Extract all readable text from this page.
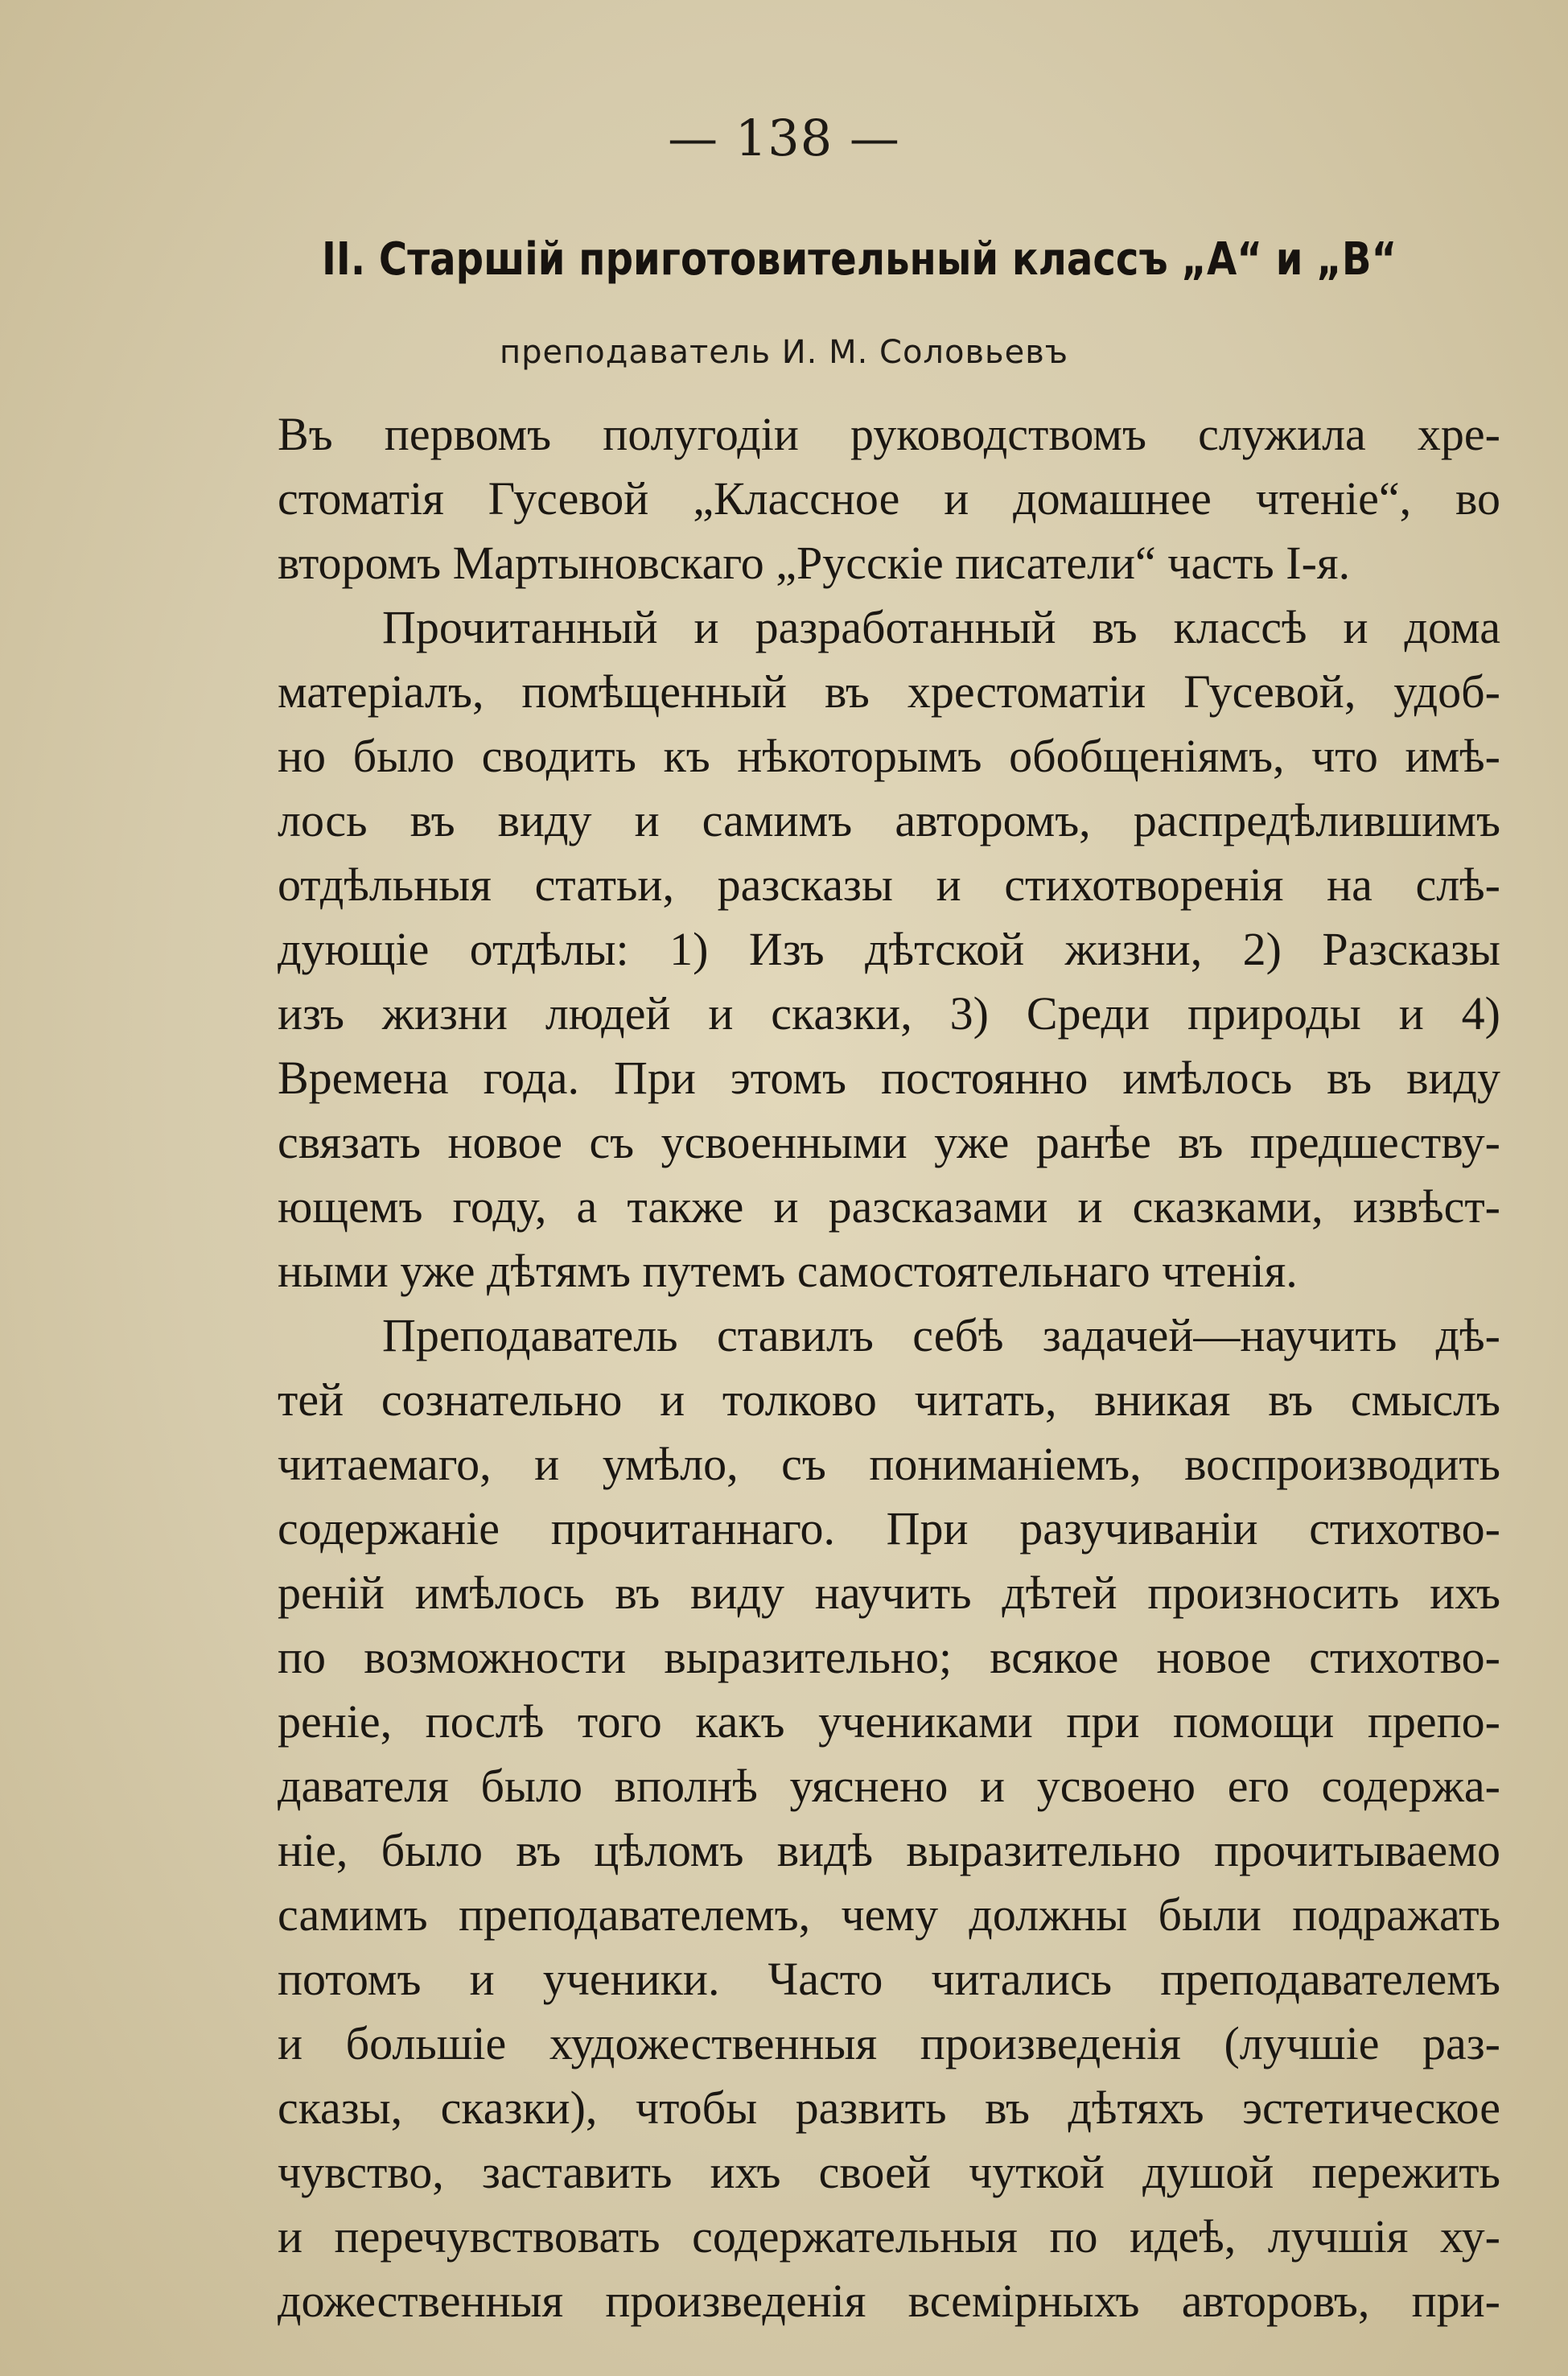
— 138 —
II. Старшій приготовительный классъ „А“ и „В“
преподаватель И. М. Соловьевъ
Въ первомъ полугодіи руководствомъ служила хре-
стоматія Гусевой „Классное и домашнее чтеніе“, во
второмъ Мартыновскаго „Русскіе писатели“ часть І-я.
Прочитанный и разработанный въ классѣ и дома
матеріалъ, помѣщенный въ хрестоматіи Гусевой, удоб-
но было сводить къ нѣкоторымъ обобщеніямъ, что имѣ-
лось въ виду и самимъ авторомъ, распредѣлившимъ
отдѣльныя статьи, разсказы и стихотворенія на слѣ-
дующіе отдѣлы: 1) Изъ дѣтской жизни, 2) Разсказы
изъ жизни людей и сказки, 3) Среди природы и 4)
Времена года. При этомъ постоянно имѣлось въ виду
связать новое съ усвоенными уже ранѣе въ предшеству-
ющемъ году, а также и разсказами и сказками, извѣст-
ными уже дѣтямъ путемъ самостоятельнаго чтенія.
Преподаватель ставилъ себѣ задачей—научить дѣ-
тей сознательно и толково читать, вникая въ смыслъ
читаемаго, и умѣло, съ пониманіемъ, воспроизводить
содержаніе прочитаннаго. При разучиваніи стихотво-
реній имѣлось въ виду научить дѣтей произносить ихъ
по возможности выразительно; всякое новое стихотво-
реніе, послѣ того какъ учениками при помощи препо-
давателя было вполнѣ уяснено и усвоено его содержа-
ніе, было въ цѣломъ видѣ выразительно прочитываемо
самимъ преподавателемъ, чему должны были подражать
потомъ и ученики. Часто читались преподавателемъ
и большіе художественныя произведенія (лучшіе раз-
сказы, сказки), чтобы развить въ дѣтяхъ эстетическое
чувство, заставить ихъ своей чуткой душой пережить
и перечувствовать содержательныя по идеѣ, лучшія ху-
дожественныя произведенія всемірныхъ авторовъ, при-
